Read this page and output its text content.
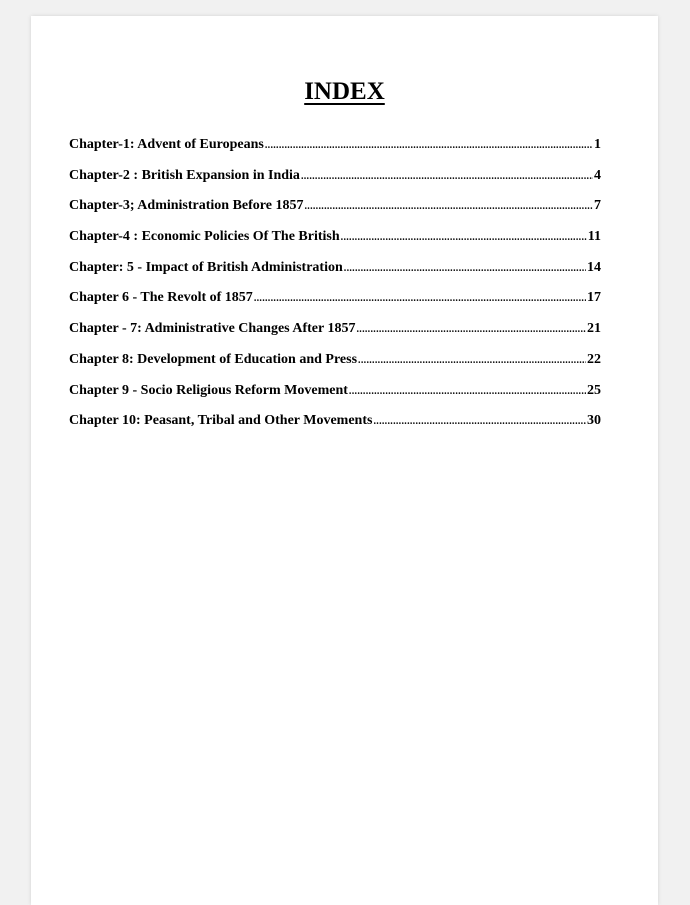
INDEX
Chapter-1: Advent of Europeans .....	1
Chapter-2 : British Expansion in India .....	4
Chapter-3; Administration Before 1857 .....	7
Chapter-4 : Economic Policies Of The British .....	11
Chapter: 5 - Impact of British Administration .....	14
Chapter 6 - The Revolt of 1857 .....	17
Chapter - 7: Administrative Changes After 1857 .....	21
Chapter 8: Development of Education and Press .....	22
Chapter 9 - Socio Religious Reform Movement .....	25
Chapter 10: Peasant, Tribal and Other Movements .....	30
